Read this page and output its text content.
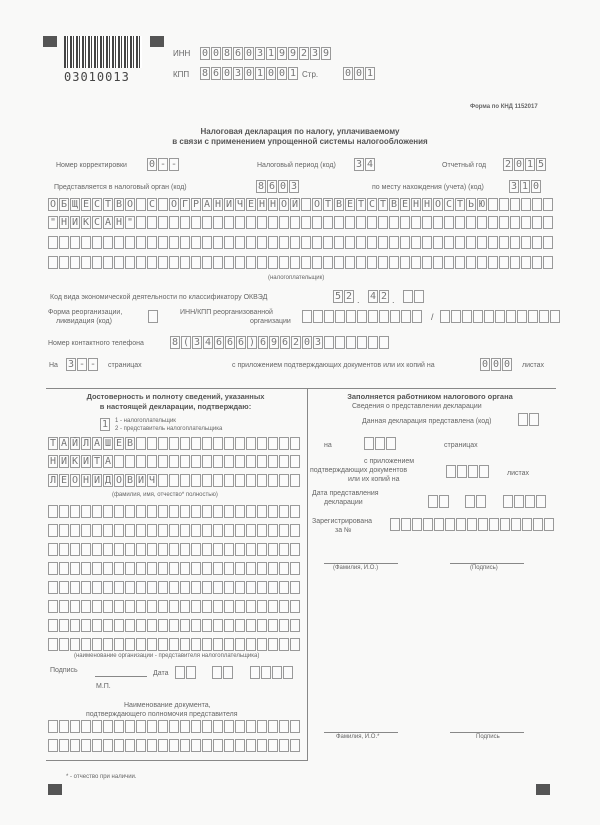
03010013
ИНН 0 0 8 6 0 3 1 9 9 2 3 9
КПП 8 6 0 3 0 1 0 0 1 Стр.	0 0 1
Форма по КНД 1152017
Налоговая декларация по налогу, уплачиваемому
в связи с применением упрощенной системы налогообложения
Номер корректировки 0 - -	Налоговый период (код) 3 4	Отчетный год 2 0 1 5
Представляется в налоговый орган (код)	8 6 0 3	по месту нахождения (учета) (код)	3 1 0
О Б Щ Е С Т В О С О Г Р А Н И Ч Е Н Н О Й О Т В Е Т С Т В Е Н Н О С Т Ь Ю
" Н И К С А Н "
(налогоплательщик)
Код вида экономической деятельности по классификатору ОКВЭД	5 2 . 4 2 .
Форма реорганизации,
ликвидация (код)
ИНН/КПП реорганизованной
организации	/
Номер контактного телефона	8 ( 3 4 6 6 6 ) 6 9 6 2 0 3
На 3 - - страницах	с приложением подтверждающих документов или их копий на	0 0 0 листах
Достоверность и полноту сведений, указанных
в настоящей декларации, подтверждаю:
1	1 - налогоплательщик
2 - представитель налогоплательщика
Т А Й Л А Ш Е В
Н И К И Т А
Л Е О Н И Д О В И Ч
(фамилия, имя, отчество* полностью)
(наименование организации - представителя налогоплательщика)
Подпись	Дата
М.П.
Наименование документа,
подтверждающего полномочия представителя
Заполняется работником налогового органа
Сведения о представлении декларации
Данная декларация представлена (код)
на	страницах
с приложением
подтверждающих документов
или их копий на
листах
Дата представления
декларации
Зарегистрирована
за №
(Фамилия, И.О.)	(Подпись)
Фамилия, И.О.*	Подпись
* - отчество при наличии.
